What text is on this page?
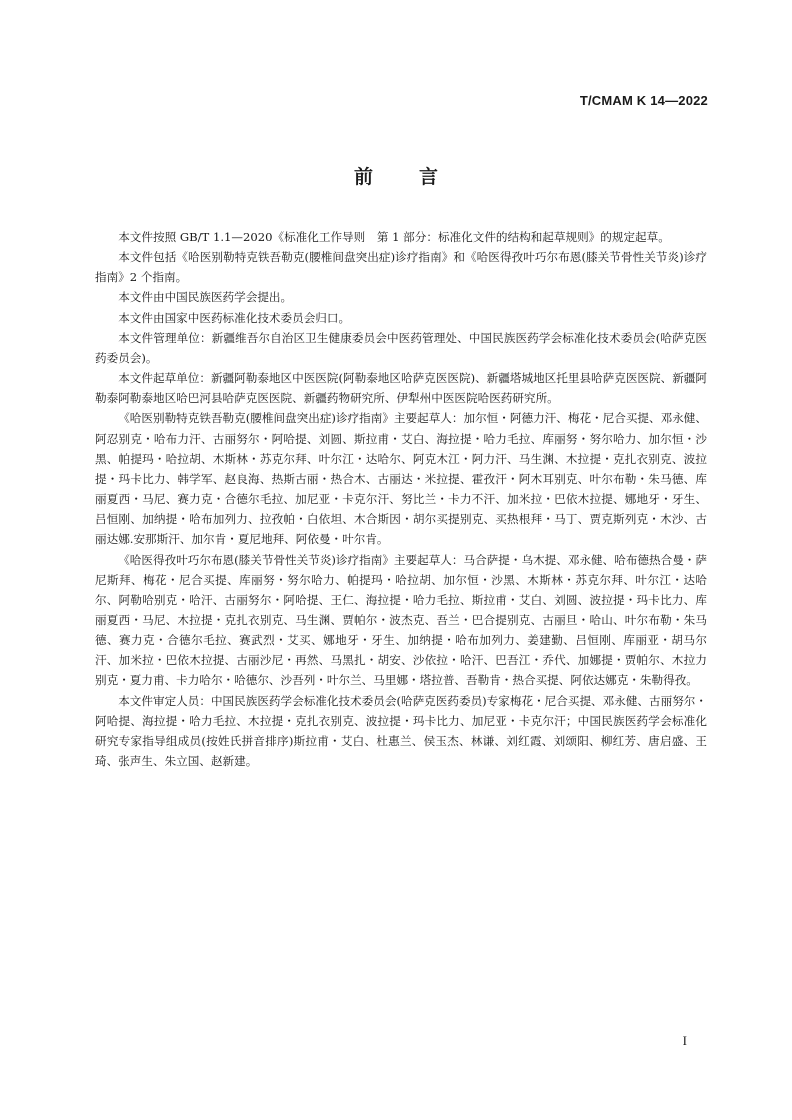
T/CMAM K 14—2022
前 言

本文件按照 GB/T 1.1—2020《标准化工作导则　第 1 部分：标准化文件的结构和起草规则》的规定起草。

本文件包括《哈医别勒特克铁吾勒克(腰椎间盘突出症)诊疗指南》和《哈医得孜叶巧尔布恩(膝关节骨性关节炎)诊疗指南》2 个指南。

本文件由中国民族医药学会提出。

本文件由国家中医药标准化技术委员会归口。

本文件管理单位：新疆维吾尔自治区卫生健康委员会中医药管理处、中国民族医药学会标准化技术委员会(哈萨克医药委员会)。

本文件起草单位：新疆阿勒泰地区中医医院(阿勒泰地区哈萨克医医院)、新疆塔城地区托里县哈萨克医医院、新疆阿勒泰阿勒泰地区哈巴河县哈萨克医医院、新疆药物研究所、伊犁州中医医院哈医药研究所。

《哈医别勒特克铁吾勒克(腰椎间盘突出症)诊疗指南》主要起草人：加尔恒・阿德力汗、梅花・尼合买提、邓永健、阿忍别克・哈布力汗、古丽努尔・阿哈提、刘圆、斯拉甫・艾白、海拉提・哈力毛拉、库丽努・努尔哈力、加尔恒・沙黑、帕提玛・哈拉胡、木斯林・苏克尔拜、叶尔江・达哈尔、阿克木江・阿力汗、马生渊、木拉提・克扎衣别克、波拉提・玛卡比力、韩学军、赵良海、热斯古丽・热合木、古丽达・米拉提、霍孜汗・阿木耳别克、叶尔布勒・朱马德、库丽夏西・马尼、赛力克・合德尔毛拉、加尼亚・卡克尔汗、努比兰・卡力不汗、加米拉・巴依木拉提、娜地牙・牙生、吕恒刚、加纳提・哈布加列力、拉孜帕・白依坦、木合斯因・胡尔买提别克、买热根拜・马丁、贾克斯列克・木沙、古丽达娜.安那斯汗、加尔肯・夏尼地拜、阿依曼・叶尔肯。

《哈医得孜叶巧尔布恩(膝关节骨性关节炎)诊疗指南》主要起草人：马合萨提・乌木提、邓永健、哈布德热合曼・萨尼斯拜、梅花・尼合买提、库丽努・努尔哈力、帕提玛・哈拉胡、加尔恒・沙黑、木斯林・苏克尔拜、叶尔江・达哈尔、阿勒哈别克・哈汗、古丽努尔・阿哈提、王仁、海拉提・哈力毛拉、斯拉甫・艾白、刘圆、波拉提・玛卡比力、库丽夏西・马尼、木拉提・克扎衣别克、马生渊、贾帕尔・波杰克、吾兰・巴合提别克、古丽旦・哈山、叶尔布勒・朱马德、赛力克・合德尔毛拉、赛武烈・艾买、娜地牙・牙生、加纳提・哈布加列力、姜建勤、吕恒刚、库丽亚・胡马尔汗、加米拉・巴依木拉提、古丽沙尼・再然、马黑扎・胡安、沙依拉・哈汗、巴吾江・乔代、加娜提・贾帕尔、木拉力别克・夏力甫、卡力哈尔・哈德尔、沙吾列・叶尔兰、马里娜・塔拉普、吾勒肯・热合买提、阿依达娜克・朱勒得孜。

本文件审定人员：中国民族医药学会标准化技术委员会(哈萨克医药委员)专家梅花・尼合买提、邓永健、古丽努尔・阿哈提、海拉提・哈力毛拉、木拉提・克扎衣别克、波拉提・玛卡比力、加尼亚・卡克尔汗；中国民族医药学会标准化研究专家指导组成员(按姓氏拼音排序)斯拉甫・艾白、杜惠兰、侯玉杰、林谦、刘红霞、刘颂阳、柳红芳、唐启盛、王琦、张声生、朱立国、赵新建。

I
